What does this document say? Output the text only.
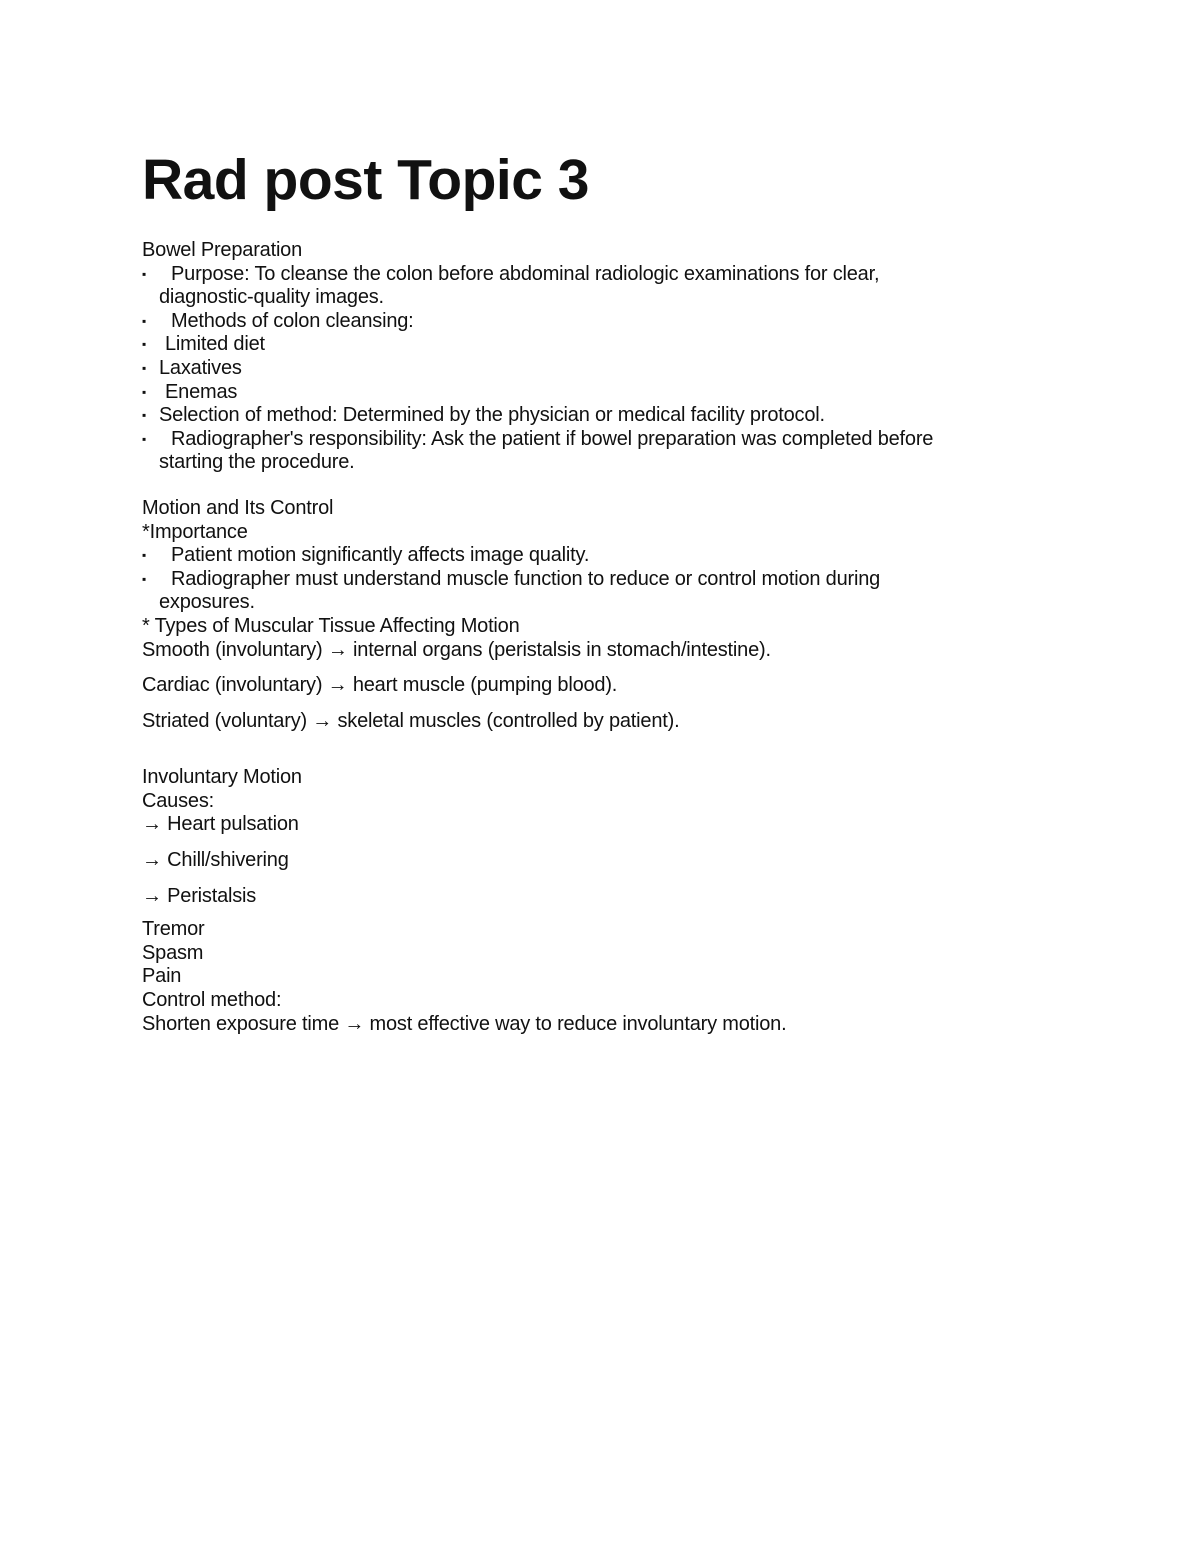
Rad post Topic 3
Bowel Preparation
▪	Purpose: To cleanse the colon before abdominal radiologic examinations for clear,
diagnostic-quality images.
▪	Methods of colon cleansing:
▪ Limited diet
▪ Laxatives
▪ Enemas
▪ Selection of method: Determined by the physician or medical facility protocol.
▪	Radiographer's responsibility: Ask the patient if bowel preparation was completed before
starting the procedure.
Motion and Its Control
*Importance
▪	Patient motion significantly affects image quality.
▪	Radiographer must understand muscle function to reduce or control motion during
exposures.
* Types of Muscular Tissue Affecting Motion
Smooth (involuntary) → internal organs (peristalsis in stomach/intestine).
Cardiac (involuntary) → heart muscle (pumping blood).
Striated (voluntary) → skeletal muscles (controlled by patient).
Involuntary Motion
Causes:
→ Heart pulsation
→ Chill/shivering
→ Peristalsis
Tremor
Spasm
Pain
Control method:
Shorten exposure time → most effective way to reduce involuntary motion.
